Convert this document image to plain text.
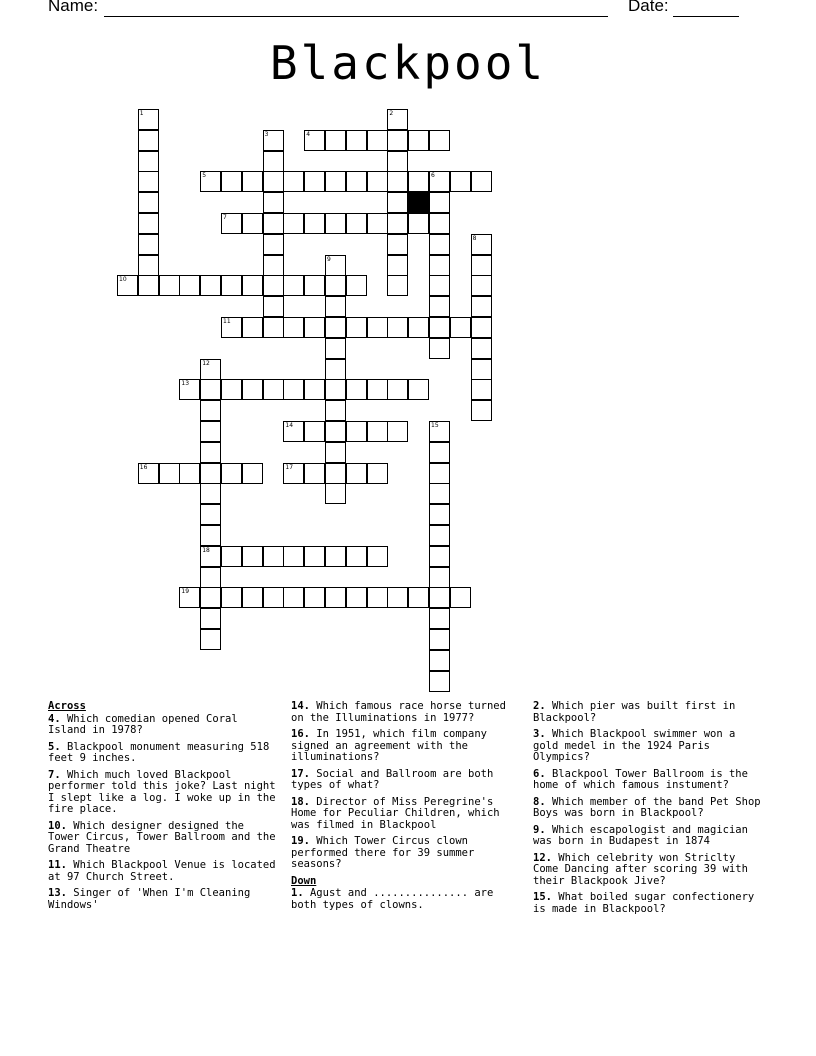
Name:	Date:
Blackpool
4
5	6
7
10
11
13
14
16	17
18
19
1	2
3
8
9
12
15
Across
4. Which comedian opened Coral Island in 1978?
5. Blackpool monument measuring 518 feet 9 inches.
7. Which much loved Blackpool performer told this joke? Last night I slept like a log. I woke up in the fire place.
10. Which designer designed the Tower Circus, Tower Ballroom and the Grand Theatre
11. Which Blackpool Venue is located at 97 Church Street.
13. Singer of 'When I'm Cleaning Windows'
14. Which famous race horse turned on the Illuminations in 1977?
16. In 1951, which film company signed an agreement with the illuminations?
17. Social and Ballroom are both types of what?
18. Director of Miss Peregrine's Home for Peculiar Children, which was filmed in Blackpool
19. Which Tower Circus clown performed there for 39 summer seasons?
Down
1. Agust and ............... are both types of clowns.
2. Which pier was built first in Blackpool?
3. Which Blackpool swimmer won a gold medel in the 1924 Paris Olympics?
6. Blackpool Tower Ballroom is the home of which famous instument?
8. Which member of the band Pet Shop Boys was born in Blackpool?
9. Which escapologist and magician was born in Budapest in 1874
12. Which celebrity won Striclty Come Dancing after scoring 39 with their Blackpook Jive?
15. What boiled sugar confectionery is made in Blackpool?
